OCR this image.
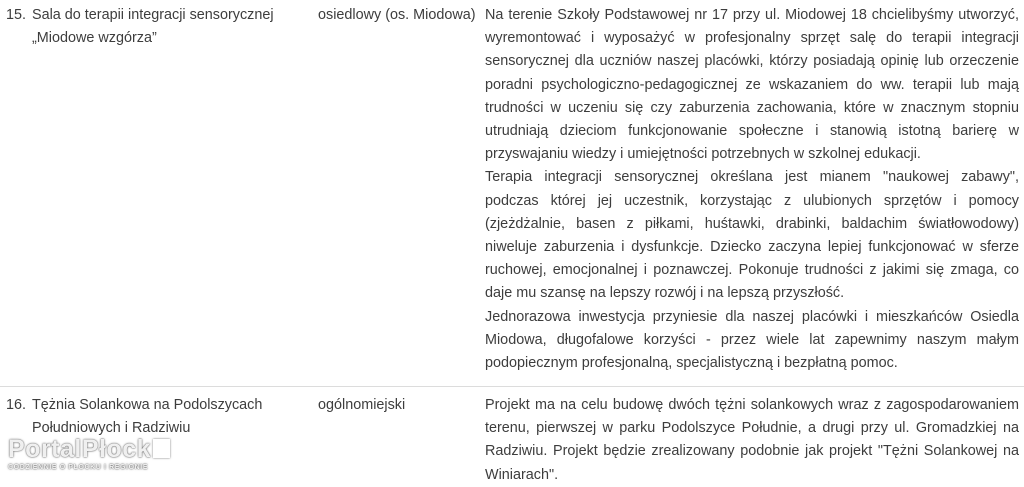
15. Sala do terapii integracji sensorycznej

„Miodowe wzgórza”

osiedlowy (os. Miodowa) Na terenie Szkoły Podstawowej nr 17 przy ul. Miodowej 18 chcielibyśmy utworzyć, wyremontować i wyposażyć w profesjonalny sprzęt salę do terapii integracji sensorycznej dla uczniów naszej placówki, którzy posiadają opinię lub orzeczenie poradni psychologiczno-pedagogicznej ze wskazaniem do ww. terapii lub mają trudności w uczeniu się czy zaburzenia zachowania, które w znacznym stopniu utrudniają dzieciom funkcjonowanie społeczne i stanowią istotną barierę w przyswajaniu wiedzy i umiejętności potrzebnych w szkolnej edukacji.

Terapia integracji sensorycznej określana jest mianem "naukowej zabawy", podczas której jej uczestnik, korzystając z ulubionych sprzętów i pomocy (zjeżdżalnie, basen z piłkami, huśtawki, drabinki, baldachim światłowodowy) niweluje zaburzenia i dysfunkcje. Dziecko zaczyna lepiej funkcjonować w sferze ruchowej, emocjonalnej i poznawczej. Pokonuje trudności z jakimi się zmaga, co daje mu szansę na lepszy rozwój i na lepszą przyszłość.

Jednorazowa inwestycja przyniesie dla naszej placówki i mieszkańców Osiedla Miodowa, długofalowe korzyści - przez wiele lat zapewnimy naszym małym podopiecznym profesjonalną, specjalistyczną i bezpłatną pomoc.

16. Tężnia Solankowa na Podolszycach

Południowych i Radziwiu

ogólnomiejski	Projekt ma na celu budowę dwóch tężni solankowych wraz z zagospodarowaniem terenu, pierwszej w parku Podolszyce Południe, a drugi przy ul. Gromadzkiej na Radziwiu. Projekt będzie zrealizowany podobnie jak projekt "Tężni Solankowej na Winiarach".

PortalPłock
CODZIENNIE O PŁOCKU I REGIONIE
